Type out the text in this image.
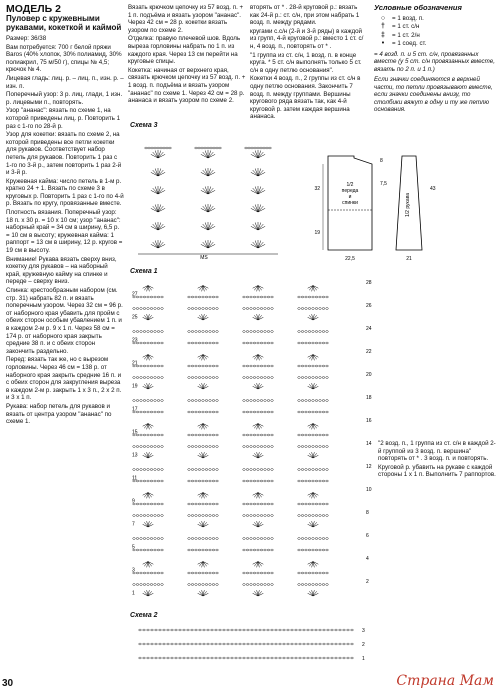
МОДЕЛЬ 2
Пуловер с кружевными рукавами, кокеткой и каймой

Размер: 36/38

Вам потребуется: 700 г белой пряжи Baros (40% хлопок, 30% полиамид, 30% полиакрил, 75 м/50 г), спицы № 4,5; крючок № 4.

Лицевая гладь: лиц. р. – лиц. п., изн. р. – изн. п.

Поперечный узор: 3 р. лиц. глади, 1 изн. р. лицевыми п., повторять.

Узор "ананас": вязать по схеме 1, на которой приведены лиц. р. Повторить 1 раз с 1-го по 28-й р.

Узор для кокетки: вязать по схеме 2, на которой приведены все петли кокетки для рукавов. Соответствует набор петель для рукавов. Повторить 1 раз с 1-го по 3-й р., затем повторить 1 раз 2-й и 3-й р.

Кружевная кайма: число петель в 1-м р. кратно 24 + 1. Вязать по схеме 3 в круговых р. Повторить 1 раз с 1-го по 4-й р. Вязать по кругу, провязанные вместе.

Плотность вязания. Поперечный узор: 18 п. х 30 р. = 10 х 10 см; узор "ананас": наборный край = 34 см в ширину, 6,5 р. = 10 см в высоту; кружевная кайма: 1 раппорт = 13 см в ширину, 12 р. кругов = 19 см в высоту.

Внимание! Рукава вязать сверху вниз, кокетку для рукавов – на наборный край, кружевную кайму на спинке и переде – сверху вниз.

Спинка: крестообразным набором (см. стр. 31) набрать 82 п. и вязать поперечным узором. Через 32 см = 96 р. от наборного края убавить для пройм с обеих сторон особым убавлением 1 п. и в каждом 2-м р. 9 х 1 п. Через 58 см = 174 р. от наборного края закрыть средние 38 п. и с обеих сторон закончить раздельно.

Перед: вязать так же, но с вырезом горловины. Через 46 см = 138 р. от наборного края закрыть средние 16 п. и с обеих сторон для закругления выреза в каждом 2-м р. закрыть 1 х 3 п., 2 х 2 п. и 3 х 1 п.

Рукава: набор петель для рукавов и вязать от центра узором "ананас" по схеме 1.

Вязать крючком цепочку из 57 возд. п. + 1 п. подъёма и вязать узором "ананас". Через 42 см = 28 р. кокетки вязать узором по схеме 2.

Отделка: правую плечевой шов. Вдоль выреза горловины набрать по 1 п. из каждого края. Через 13 см перейти на круговые спицы.

Кокетка: начиная от верхнего края, связать крючком цепочку из 57 возд. п. + 1 возд. п. подъёма и вязать узором "ананас" по схеме 1. Через 42 см = 28 р. ананаса и вязать узором по схеме 2.

вторять от * . 28-й круговой р.: вязать как 24-й р.: ст. с/н, при этом набрать 1 возд. п. между рядами.

кругами с.с/н (2-й и 3-й ряды) в каждой из групп, 4-й круговой р.: вместо 1 ст. с/н, 4 возд. п., повторять от * .

"1 группа из ст. с/н, 1 возд. п. в конце круга. * 5 ст. с/н выполнять только 5 ст. с/н в одну петлю основания".

Кокетки 4 возд. п., 2 группы из ст. с/н в одну петлю основания. Закончить 7 возд. п. между группами. Вершины кругового ряда вязать так, как 4-й круговой р. затем каждая вершина ананаса.

Условные обозначения
○	= 1 возд. п.
†	= 1 ст. с/н
‡	= 1 ст. 2/н
•	= 1 соед. ст.
= 4 возд. п. и 5 ст. с/н, провязанных вместе (у 5 ст. с/н провязанных вместе, вязать по 2 п. и 1 п.)
Если значки соединяются в верхней части, то петли провязывают вместе, если значки соединены внизу, то столбики вяжут в одну и ту же петлю основания.
Схема 3
МS
1/2 переда и спинки
32
19
22,5
7,5
8
1/2 рукава
43
21
Схема 1
28
27
26
25
24
23
22
21
20
19
18
17
16
15
14
13
12
11
10
9
8
7
6
5
4
3
2
1
Схема 2
3
2
1

"2 возд. п., 1 группа из ст. с/н в каждой 2-й группой из 3 возд. п. вершина" повторять от * . 3 возд. п. и повторять.

Круговой р. убавить на рукаве с каждой стороны 1 х 1 п. Выполнить 7 раппортов.

30	Страна Мам
